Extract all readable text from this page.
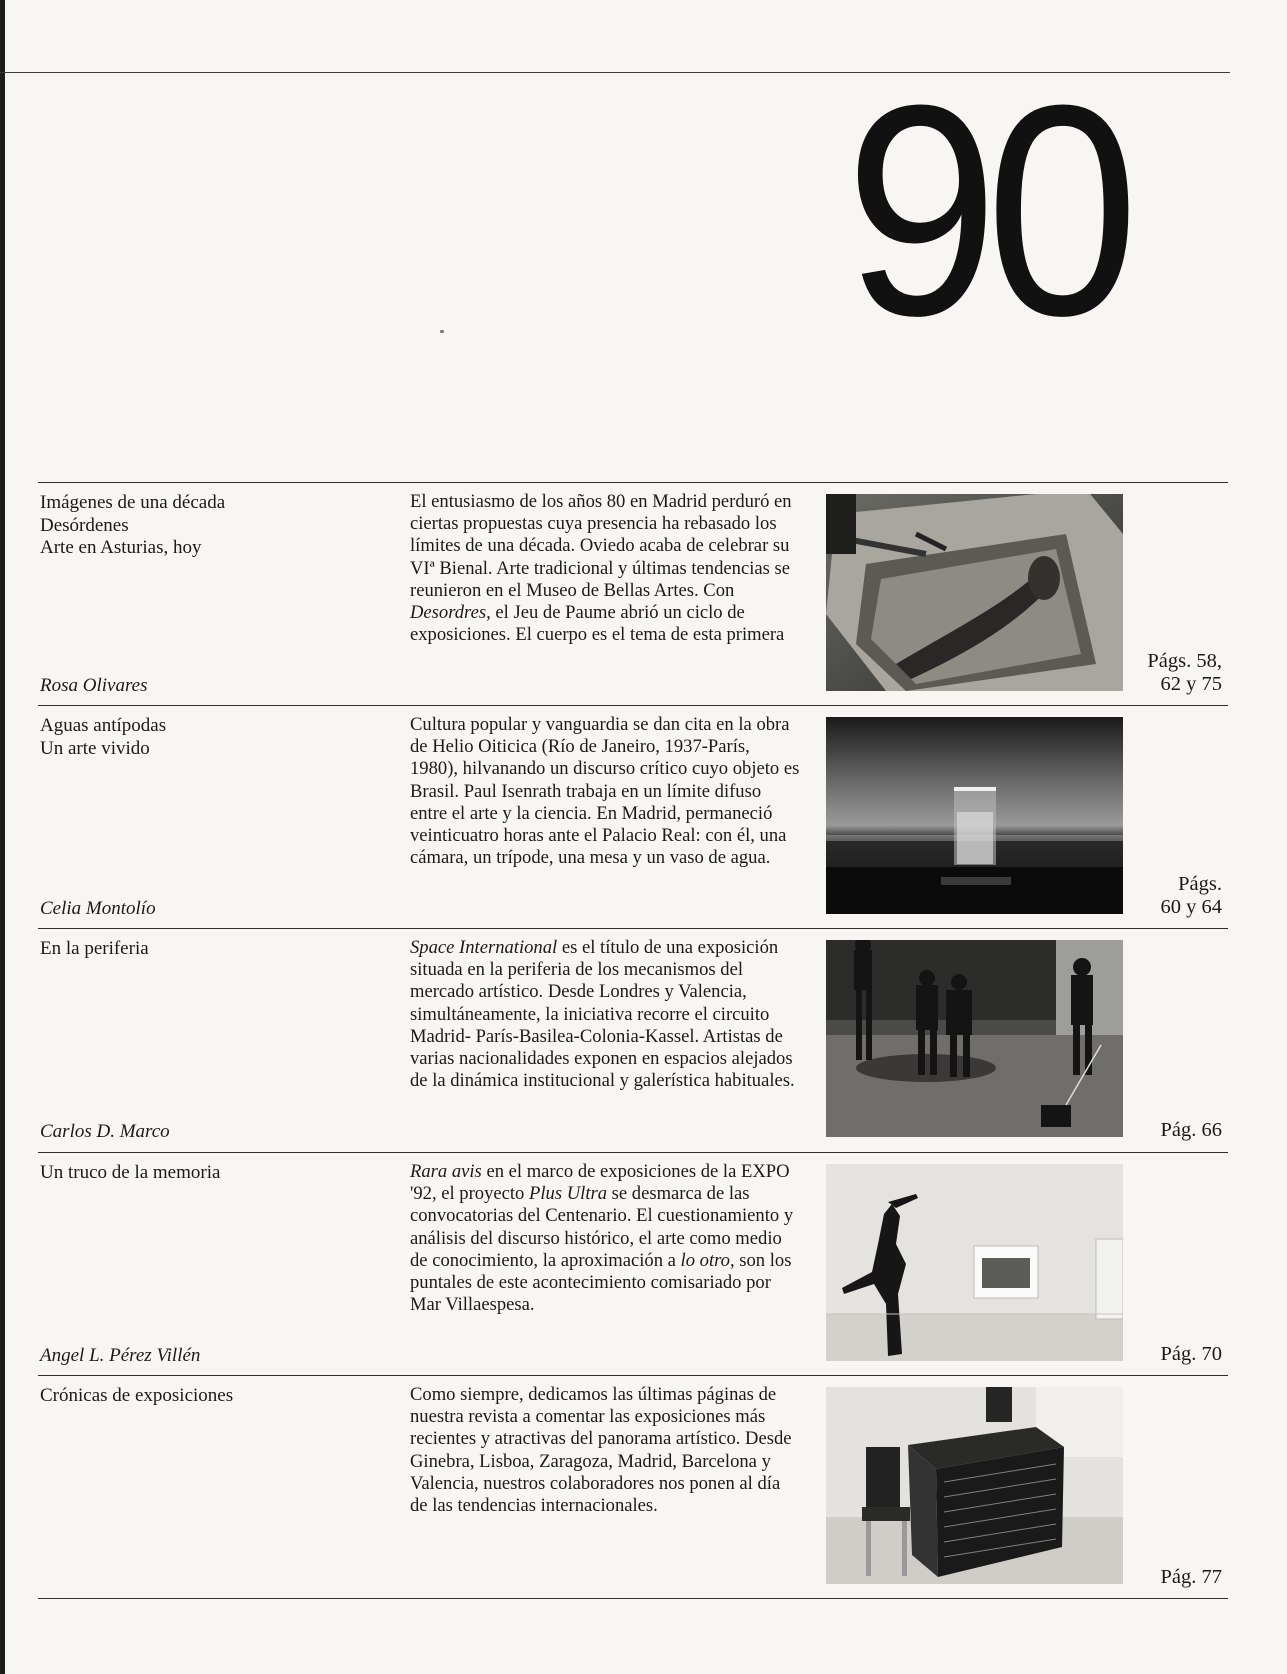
90
Imágenes de una década
Desórdenes
Arte en Asturias, hoy
Rosa Olivares
El entusiasmo de los años 80 en Madrid perduró en ciertas propuestas cuya presencia ha rebasado los límites de una década. Oviedo acaba de celebrar su VIª Bienal. Arte tradicional y últimas tendencias se reunieron en el Museo de Bellas Artes. Con Desordres, el Jeu de Paume abrió un ciclo de exposiciones. El cuerpo es el tema de esta primera
Págs. 58,
62 y 75
Aguas antípodas
Un arte vivido
Celia Montolío
Cultura popular y vanguardia se dan cita en la obra de Helio Oiticica (Río de Janeiro, 1937-París, 1980), hilvanando un discurso crítico cuyo objeto es Brasil. Paul Isenrath trabaja en un límite difuso entre el arte y la ciencia. En Madrid, permaneció veinticuatro horas ante el Palacio Real: con él, una cámara, un trípode, una mesa y un vaso de agua.
Págs.
60 y 64
En la periferia
Carlos D. Marco
Space International es el título de una exposición situada en la periferia de los mecanismos del mercado artístico. Desde Londres y Valencia, simultáneamente, la iniciativa recorre el circuito Madrid- París-Basilea-Colonia-Kassel. Artistas de varias nacionalidades exponen en espacios alejados de la dinámica institucional y galerística habituales.
Pág. 66
Un truco de la memoria
Angel L. Pérez Villén
Rara avis en el marco de exposiciones de la EXPO '92, el proyecto Plus Ultra se desmarca de las convocatorias del Centenario. El cuestionamiento y análisis del discurso histórico, el arte como medio de conocimiento, la aproximación a lo otro, son los puntales de este acontecimiento comisariado por Mar Villaespesa.
Pág. 70
Crónicas de exposiciones	Como siempre, dedicamos las últimas páginas de nuestra revista a comentar las exposiciones más recientes y atractivas del panorama artístico. Desde Ginebra, Lisboa, Zaragoza, Madrid, Barcelona y Valencia, nuestros colaboradores nos ponen al día de las tendencias internacionales.
Pág. 77
